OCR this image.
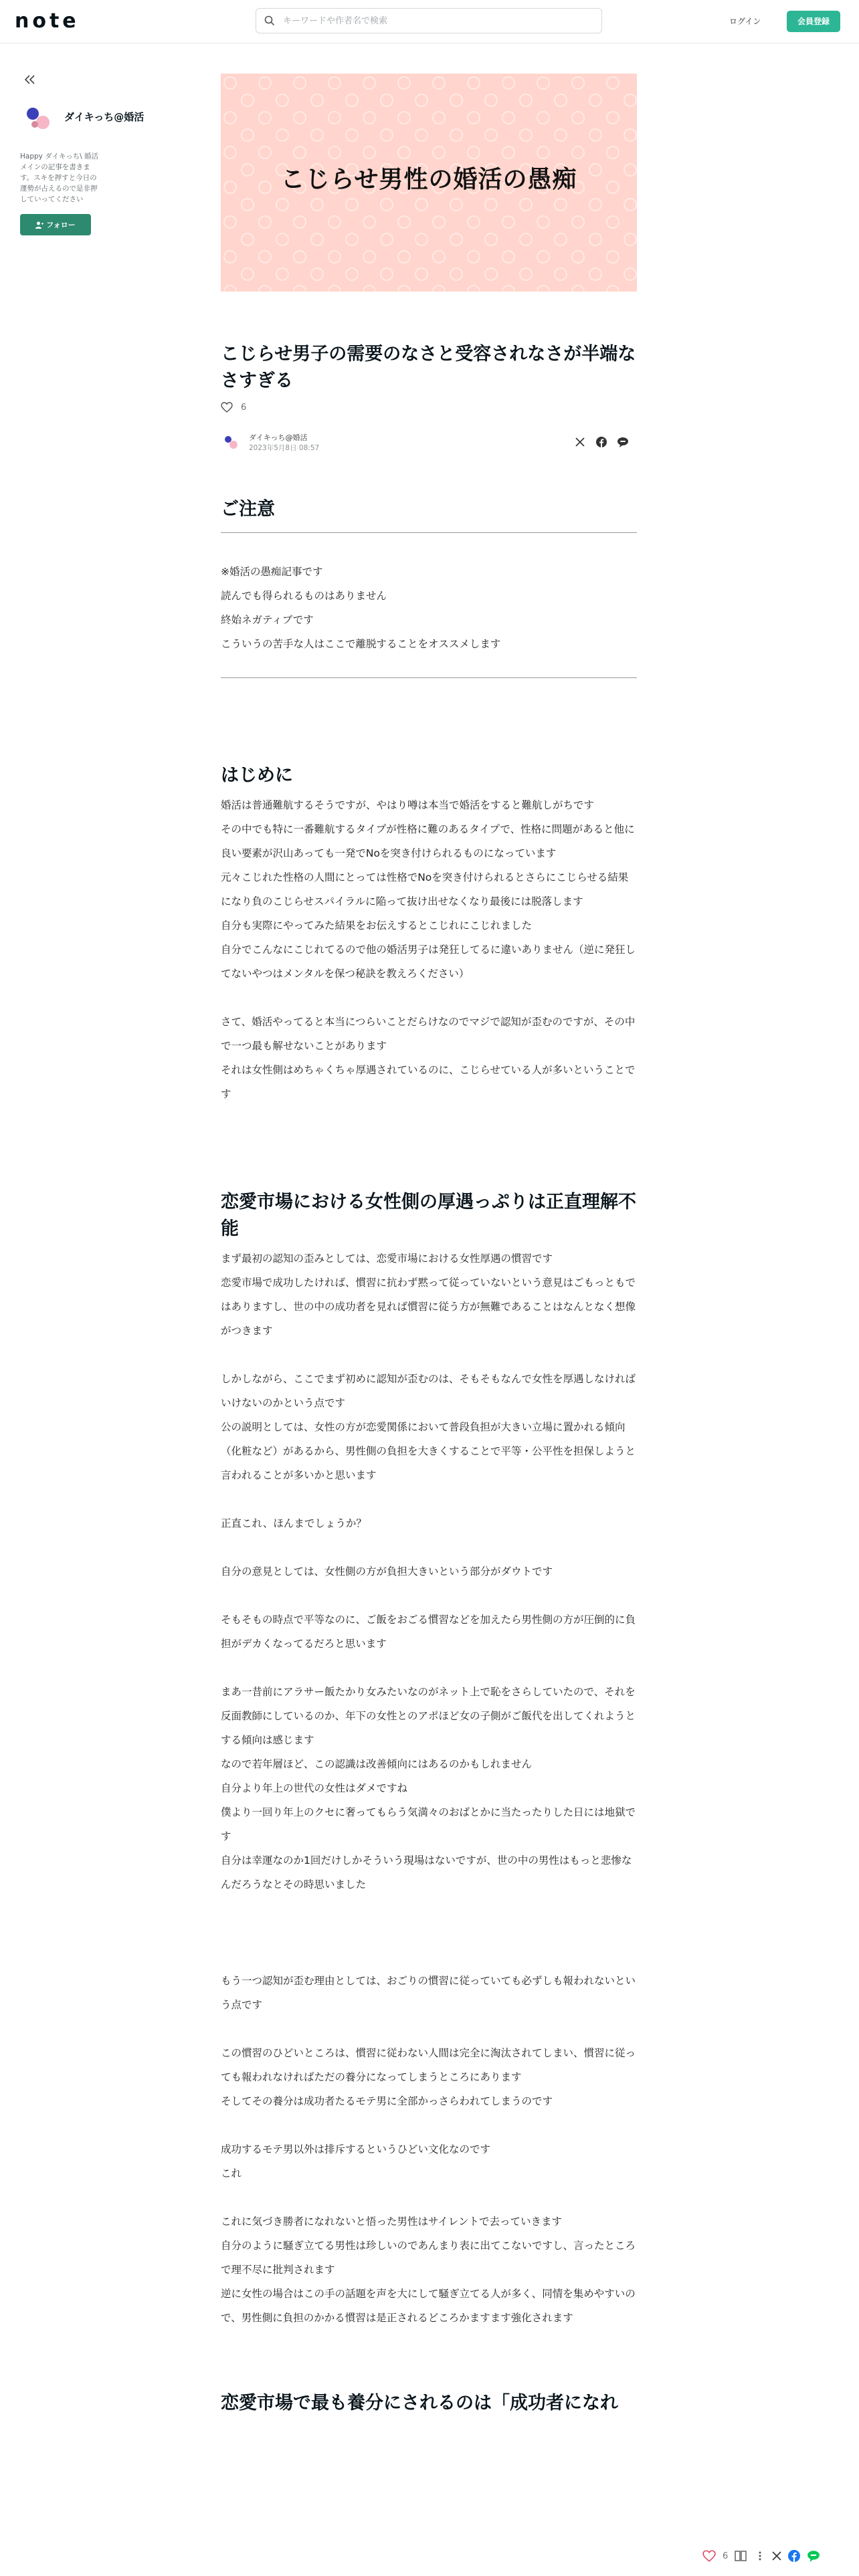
note
キーワードや作者名で検索	ログイン	会員登録
ダイキっち@婚活
Happy ダイキっち\ 婚活メインの記事を書きます。スキを押すと今日の運勢が占えるので是非押していってください
フォロー
こじらせ男性の婚活の愚痴
こじらせ男子の需要のなさと受容されなさが半端なさすぎる
6
ダイキっち@婚活
2023年5月8日 08:57
ご注意

※婚活の愚痴記事です

読んでも得られるものはありません

終始ネガティブです

こういうの苦手な人はここで離脱することをオススメします

はじめに

婚活は普通難航するそうですが、やはり噂は本当で婚活をすると難航しがちです

その中でも特に一番難航するタイプが性格に難のあるタイプで、性格に問題があると他に良い要素が沢山あっても一発でNoを突き付けられるものになっています

元々こじれた性格の人間にとっては性格でNoを突き付けられるとさらにこじらせる結果になり負のこじらせスパイラルに陥って抜け出せなくなり最後には脱落します

自分も実際にやってみた結果をお伝えするとこじれにこじれました

自分でこんなにこじれてるので他の婚活男子は発狂してるに違いありません（逆に発狂してないやつはメンタルを保つ秘訣を教えろください）

さて、婚活やってると本当につらいことだらけなのでマジで認知が歪むのですが、その中で一つ最も解せないことがあります

それは女性側はめちゃくちゃ厚遇されているのに、こじらせている人が多いということです

恋愛市場における女性側の厚遇っぷりは正直理解不能

まず最初の認知の歪みとしては、恋愛市場における女性厚遇の慣習です

恋愛市場で成功したければ、慣習に抗わず黙って従っていないという意見はごもっともではありますし、世の中の成功者を見れば慣習に従う方が無難であることはなんとなく想像がつきます

しかしながら、ここでまず初めに認知が歪むのは、そもそもなんで女性を厚遇しなければいけないのかという点です

公の説明としては、女性の方が恋愛関係において普段負担が大きい立場に置かれる傾向（化粧など）があるから、男性側の負担を大きくすることで平等・公平性を担保しようと言われることが多いかと思います

正直これ、ほんまでしょうか？

自分の意見としては、女性側の方が負担大きいという部分がダウトです

そもそもの時点で平等なのに、ご飯をおごる慣習などを加えたら男性側の方が圧倒的に負担がデカくなってるだろと思います

まあ一昔前にアラサー飯たかり女みたいなのがネット上で恥をさらしていたので、それを反面教師にしているのか、年下の女性とのアポほど女の子側がご飯代を出してくれようとする傾向は感じます

なので若年層ほど、この認識は改善傾向にはあるのかもしれません

自分より年上の世代の女性はダメですね

僕より一回り年上のクセに奢ってもらう気満々のおばとかに当たったりした日には地獄です

自分は幸運なのか1回だけしかそういう現場はないですが、世の中の男性はもっと悲惨なんだろうなとその時思いました

もう一つ認知が歪む理由としては、おごりの慣習に従っていても必ずしも報われないという点です

この慣習のひどいところは、慣習に従わない人間は完全に淘汰されてしまい、慣習に従っても報われなければただの養分になってしまうところにあります

そしてその養分は成功者たるモテ男に全部かっさらわれてしまうのです

成功するモテ男以外は排斥するというひどい文化なのです

これ

これに気づき勝者になれないと悟った男性はサイレントで去っていきます

自分のように騒ぎ立てる男性は珍しいのであんまり表に出てこないですし、言ったところで理不尽に批判されます

逆に女性の場合はこの手の話題を声を大にして騒ぎ立てる人が多く、同情を集めやすいので、男性側に負担のかかる慣習は是正されるどころかますます強化されます

恋愛市場で最も養分にされるのは「成功者になれ
6
